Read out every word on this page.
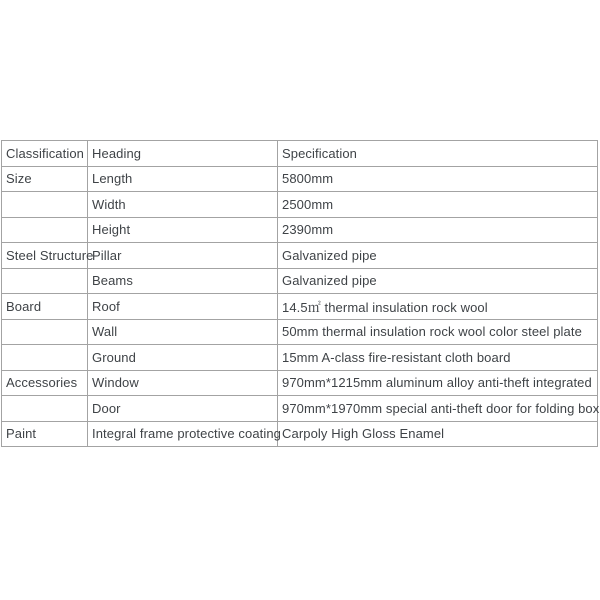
Classification	Heading	Specification
Size	Length	5800mm
	Width	2500mm
	Height	2390mm
Steel Structure	Pillar	Galvanized pipe
	Beams	Galvanized pipe
Board	Roof	14.5㎡ thermal insulation rock wool
	Wall	50mm thermal insulation rock wool color steel plate
	Ground	15mm A-class fire-resistant cloth board
Accessories	Window	970mm*1215mm aluminum alloy anti-theft integrated
	Door	970mm*1970mm special anti-theft door for folding box
Paint	Integral frame protective coating	Carpoly High Gloss Enamel
